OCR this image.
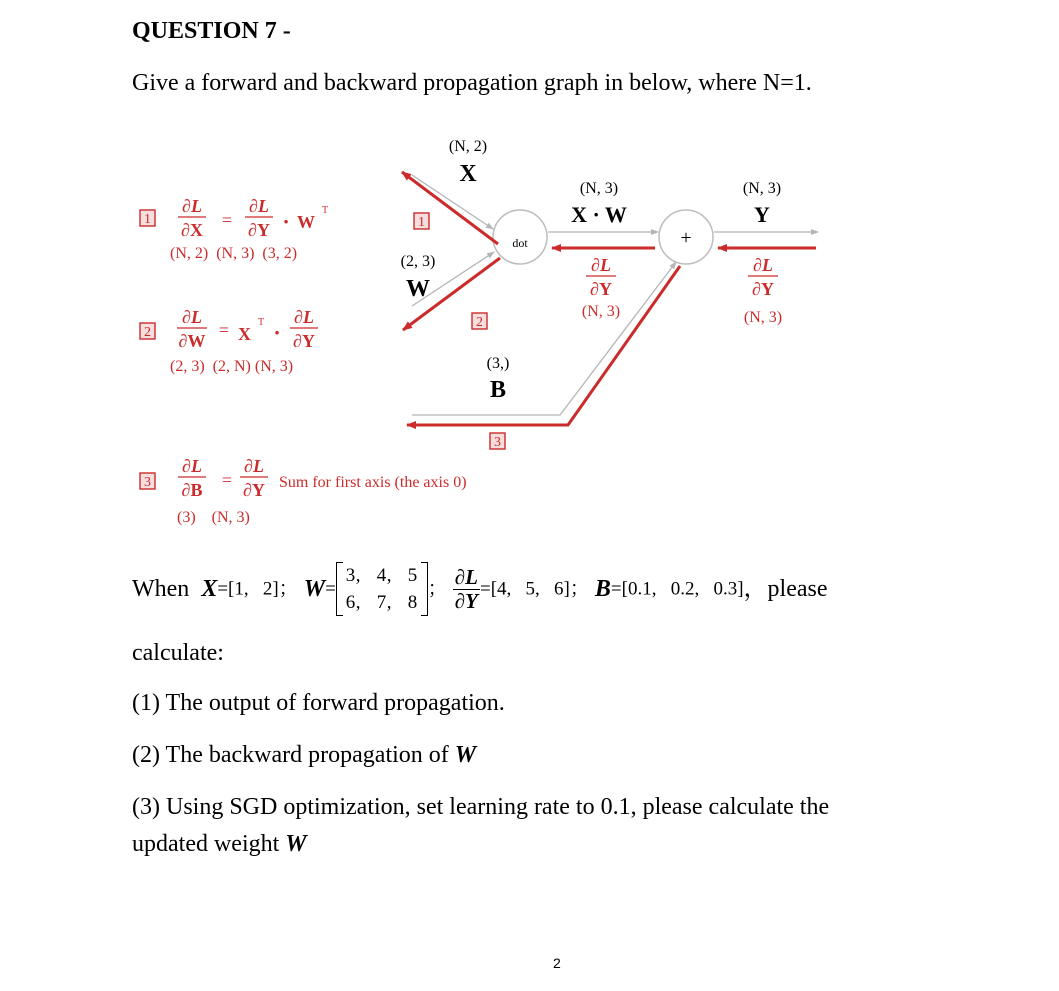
QUESTION 7 -
Give a forward and backward propagation graph in below, where N=1.
dot	+
(N, 2)
X
(2, 3)
W
(3,)
B
(N, 3)
X · W
(N, 3)
Y
∂L
∂Y
(N, 3)
∂L
∂Y
(N, 3)
1
2
3
1
∂L
∂X =
∂L
∂Y · W
T
(N, 2)  (N, 3)  (3, 2)
2
∂L
∂W
= X
T ·
∂L
∂Y
(2, 3)  (2, N) (N, 3)
3
∂L
∂B =
∂L
∂Y Sum for first axis (the axis 0)
(3)    (N, 3)
When X=[1,   2]； W=
3,   4,   5
6,   7,   8
； $\frac{\partial L}{\partial Y} =[4$,   5,   6]； B=[0.1,   0.2,   0.3]，please
calculate:
(1) The output of forward propagation.
(2) The backward propagation of W
(3) Using SGD optimization, set learning rate to 0.1, please calculate the
updated weight W
2
